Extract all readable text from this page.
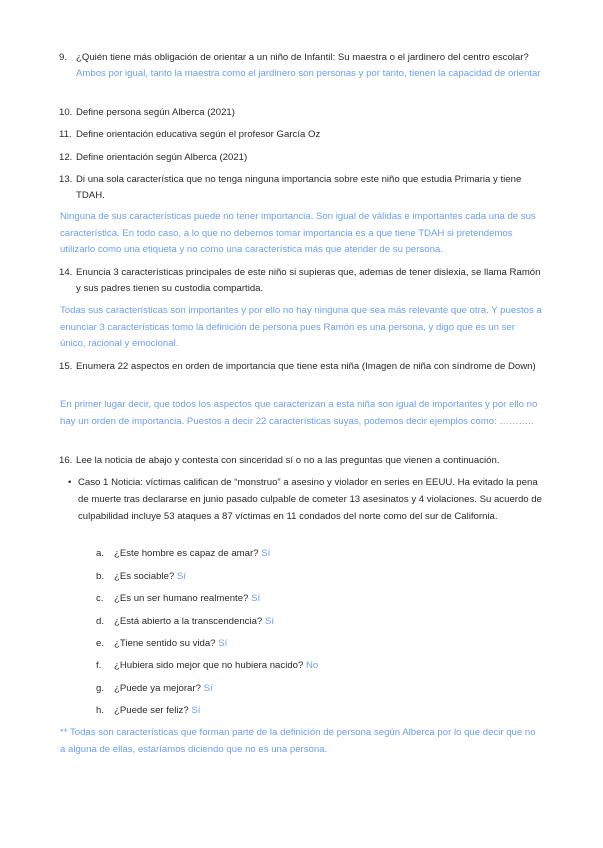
9. ¿Quién tiene más obligación de orientar a un niño de Infantil: Su maestra o el jardinero del centro escolar? Ambos por igual, tanto la maestra como el jardinero son personas y por tanto, tienen la capacidad de orientar

10. Define persona según Alberca (2021)

11. Define orientación educativa según el profesor García Oz

12. Define orientación según Alberca (2021)

13. Di una sola característica que no tenga ninguna importancia sobre este niño que estudia Primaria y tiene TDAH.

Ninguna de sus características puede no tener importancia. Son igual de válidas e importantes cada una de sus característica. En todo caso, a lo que no debemos tomar importancia es a que tiene TDAH si pretendemos utilizarlo como una etiqueta y no como una característica más que atender de su persona.

14. Enuncia 3 características principales de este niño si supieras que, ademas de tener dislexia, se llama Ramón y sus padres tienen su custodia compartida.

Todas sus características son importantes y por ello no hay ninguna que sea más relevante que otra. Y puestos a enunciar 3 características tomo la definición de persona pues Ramón es una persona, y digo que es un ser único, racional y emocional.

15. Enumera 22 aspectos en orden de importancia que tiene esta niña (Imagen de niña con síndrome de Down)

En primer lugar decir, que todos los aspectos que caracterizan a esta niña son igual de importantes y por ello no hay un orden de importancia. Puestos a decir 22 características suyas, podemos decir ejemplos como: ………..

16. Lee la noticia de abajo y contesta con sinceridad sí o no a las preguntas que vienen a continuación.

• Caso 1 Noticia: víctimas califican de “monstruo” a asesino y violador en series en EEUU. Ha evitado la pena de muerte tras declararse en junio pasado culpable de cometer 13 asesinatos y 4 violaciones. Su acuerdo de culpabilidad incluye 53 ataques a 87 víctimas en 11 condados del norte como del sur de California.

a. ¿Este hombre es capaz de amar? Sí

b. ¿Es sociable? Sí

c. ¿Es un ser humano realmente? Sí

d. ¿Está abierto a la transcendencia? Sí

e. ¿Tiene sentido su vida? Sí

f. ¿Hubiera sido mejor que no hubiera nacido? No

g. ¿Puede ya mejorar? Sí

h. ¿Puede ser feliz? Sí

** Todas son características que forman parte de la definición de persona según Alberca por lo que decir que no a alguna de ellas, estaríamos diciendo que no es una persona.
